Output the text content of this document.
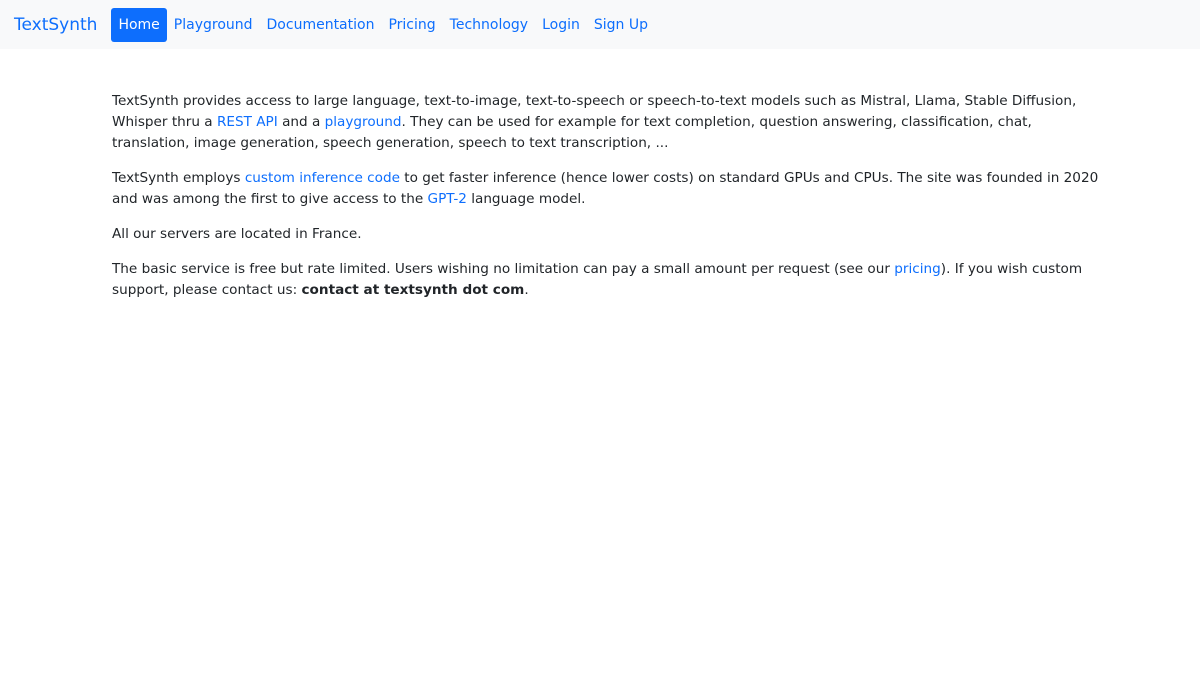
TextSynth	Home	Playground	Documentation	Pricing	Technology	Login	Sign Up

TextSynth provides access to large language, text-to-image, text-to-speech or speech-to-text models such as Mistral, Llama, Stable Diffusion, Whisper thru a REST API and a playground. They can be used for example for text completion, question answering, classification, chat, translation, image generation, speech generation, speech to text transcription, ...

TextSynth employs custom inference code to get faster inference (hence lower costs) on standard GPUs and CPUs. The site was founded in 2020 and was among the first to give access to the GPT-2 language model.

All our servers are located in France.

The basic service is free but rate limited. Users wishing no limitation can pay a small amount per request (see our pricing). If you wish custom support, please contact us: contact at textsynth dot com.
